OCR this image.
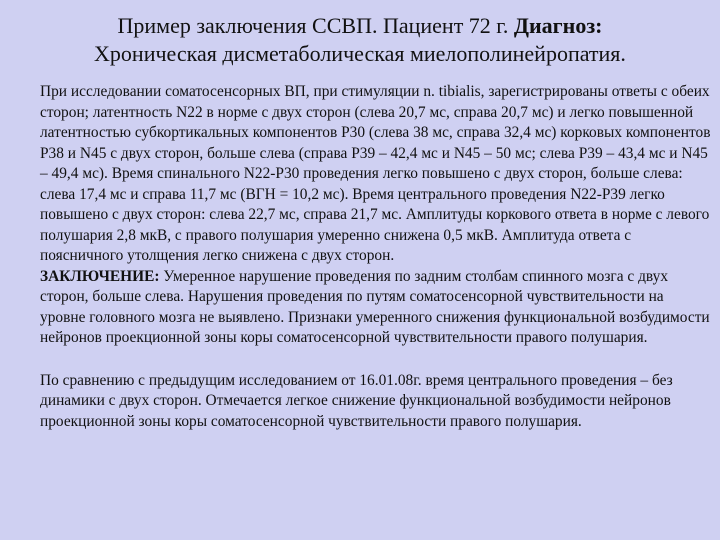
Пример заключения ССВП. Пациент 72 г. Диагноз:
Хроническая дисметаболическая миелополинейропатия.

При исследовании соматосенсорных ВП, при стимуляции n. tibialis, зарегистрированы ответы с обеих сторон; латентность N22 в норме с двух сторон (слева 20,7 мс, справа 20,7 мс) и легко повышенной латентностью субкортикальных компонентов P30 (слева 38 мс, справа 32,4 мс) корковых компонентов P38 и N45 с двух сторон, больше слева (справа P39 – 42,4 мс и N45 – 50 мс; слева P39 – 43,4 мс и N45 – 49,4 мс). Время спинального N22-P30 проведения легко повышено с двух сторон, больше слева: слева 17,4 мс и справа 11,7 мс (ВГН = 10,2 мс). Время центрального проведения N22-P39 легко повышено с двух сторон: слева 22,7 мс, справа 21,7 мс. Амплитуды коркового ответа в норме с левого полушария 2,8 мкВ, с правого полушария умеренно снижена 0,5 мкВ. Амплитуда ответа с поясничного утолщения легко снижена с двух сторон.

ЗАКЛЮЧЕНИЕ: Умеренное нарушение проведения по задним столбам спинного мозга с двух сторон, больше слева. Нарушения проведения по путям соматосенсорной чувствительности на уровне головного мозга не выявлено. Признаки умеренного снижения функциональной возбудимости нейронов проекционной зоны коры соматосенсорной чувствительности правого полушария.

По сравнению с предыдущим исследованием от 16.01.08г. время центрального проведения – без динамики с двух сторон. Отмечается легкое снижение функциональной возбудимости нейронов проекционной зоны коры соматосенсорной чувствительности правого полушария.
